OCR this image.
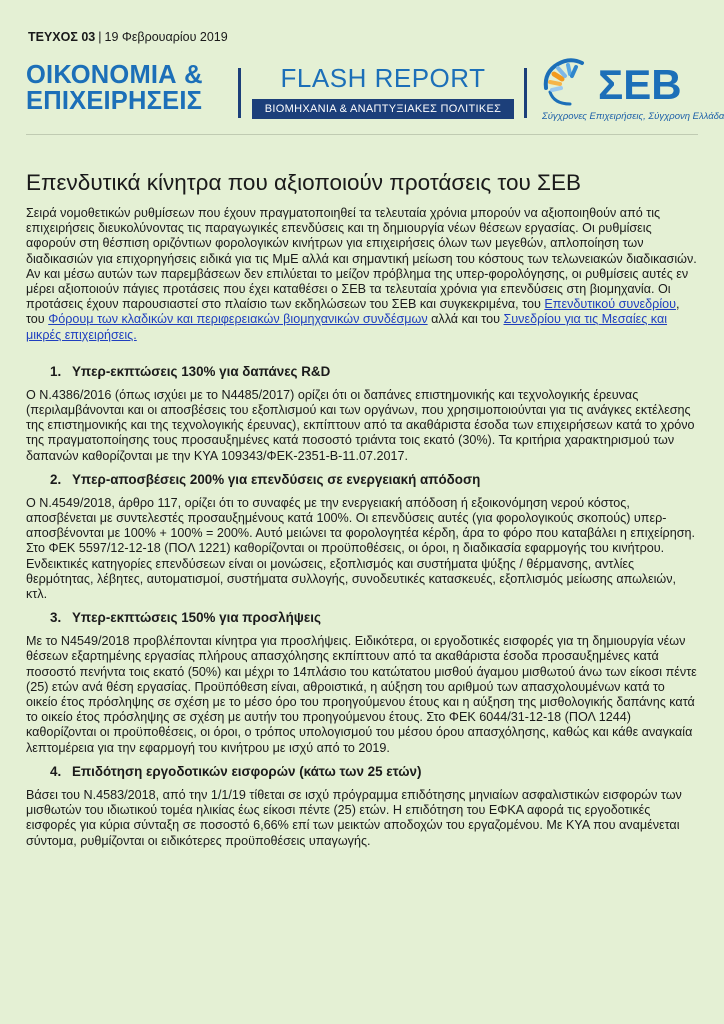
ΤΕΥΧΟΣ 03 | 19 Φεβρουαρίου 2019
ΟΙΚΟΝΟΜΙΑ &
ΕΠΙΧΕΙΡΗΣΕΙΣ
FLASH REPORT
ΒΙΟΜΗΧΑΝΙΑ & ΑΝΑΠΤΥΞΙΑΚΕΣ ΠΟΛΙΤΙΚΕΣ
ΣΕΒ
Σύγχρονες Επιχειρήσεις, Σύγχρονη Ελλάδα
Επενδυτικά κίνητρα που αξιοποιούν προτάσεις του ΣΕΒ

Σειρά νομοθετικών ρυθμίσεων που έχουν πραγματοποιηθεί τα τελευταία χρόνια μπορούν να αξιοποιηθούν από τις επιχειρήσεις διευκολύνοντας τις παραγωγικές επενδύσεις και τη δημιουργία νέων θέσεων εργασίας. Οι ρυθμίσεις αφορούν στη θέσπιση οριζόντιων φορολογικών κινήτρων για επιχειρήσεις όλων των μεγεθών, απλοποίηση των διαδικασιών για επιχορηγήσεις ειδικά για τις ΜμΕ αλλά και σημαντική μείωση του κόστους των τελωνειακών διαδικασιών. Αν και μέσω αυτών των παρεμβάσεων δεν επιλύεται το μείζον πρόβλημα της υπερ-φορολόγησης, οι ρυθμίσεις αυτές εν μέρει αξιοποιούν πάγιες προτάσεις που έχει καταθέσει ο ΣΕΒ τα τελευταία χρόνια για επενδύσεις στη βιομηχανία. Οι προτάσεις έχουν παρουσιαστεί στο πλαίσιο των εκδηλώσεων του ΣΕΒ και συγκεκριμένα, του Επενδυτικού συνεδρίου, του Φόρουμ των κλαδικών και περιφερειακών βιομηχανικών συνδέσμων αλλά και του Συνεδρίου για τις Μεσαίες και μικρές επιχειρήσεις.

1. Υπερ-εκπτώσεις 130% για δαπάνες R&D

Ο Ν.4386/2016 (όπως ισχύει με το Ν4485/2017) ορίζει ότι οι δαπάνες επιστημονικής και τεχνολογικής έρευνας (περιλαμβάνονται και οι αποσβέσεις του εξοπλισμού και των οργάνων, που χρησιμοποιούνται για τις ανάγκες εκτέλεσης της επιστημονικής και της τεχνολογικής έρευνας), εκπίπτουν από τα ακαθάριστα έσοδα των επιχειρήσεων κατά το χρόνο της πραγματοποίησης τους προσαυξημένες κατά ποσοστό τριάντα τοις εκατό (30%). Τα κριτήρια χαρακτηρισμού των δαπανών καθορίζονται με την ΚΥΑ 109343/ΦΕΚ-2351-Β-11.07.2017.

2. Υπερ-αποσβέσεις 200% για επενδύσεις σε ενεργειακή απόδοση

Ο Ν.4549/2018, άρθρο 117, ορίζει ότι το συναφές με την ενεργειακή απόδοση ή εξοικονόμηση νερού κόστος, αποσβένεται με συντελεστές προσαυξημένους κατά 100%. Οι επενδύσεις αυτές (για φορολογικούς σκοπούς) υπερ-αποσβένονται με 100% + 100% = 200%. Αυτό μειώνει τα φορολογητέα κέρδη, άρα το φόρο που καταβάλει η επιχείρηση. Στο ΦΕΚ 5597/12-12-18 (ΠΟΛ 1221) καθορίζονται οι προϋποθέσεις, οι όροι, η διαδικασία εφαρμογής του κινήτρου. Ενδεικτικές κατηγορίες επενδύσεων είναι οι μονώσεις, εξοπλισμός και συστήματα ψύξης / θέρμανσης, αντλίες θερμότητας, λέβητες, αυτοματισμοί, συστήματα συλλογής, συνοδευτικές κατασκευές, εξοπλισμός μείωσης απωλειών, κτλ.

3. Υπερ-εκπτώσεις 150% για προσλήψεις

Με το Ν4549/2018 προβλέπονται κίνητρα για προσλήψεις. Ειδικότερα, οι εργοδοτικές εισφορές για τη δημιουργία νέων θέσεων εξαρτημένης εργασίας πλήρους απασχόλησης εκπίπτουν από τα ακαθάριστα έσοδα προσαυξημένες κατά ποσοστό πενήντα τοις εκατό (50%) και μέχρι το 14πλάσιο του κατώτατου μισθού άγαμου μισθωτού άνω των είκοσι πέντε (25) ετών ανά θέση εργασίας. Προϋπόθεση είναι, αθροιστικά, η αύξηση του αριθμού των απασχολουμένων κατά το οικείο έτος πρόσληψης σε σχέση με το μέσο όρο του προηγούμενου έτους και η αύξηση της μισθολογικής δαπάνης κατά το οικείο έτος πρόσληψης σε σχέση με αυτήν του προηγούμενου έτους. Στο ΦΕΚ 6044/31-12-18 (ΠΟΛ 1244) καθορίζονται οι προϋποθέσεις, οι όροι, ο τρόπος υπολογισμού του μέσου όρου απασχόλησης, καθώς και κάθε αναγκαία λεπτομέρεια για την εφαρμογή του κινήτρου με ισχύ από το 2019.

4. Επιδότηση εργοδοτικών εισφορών (κάτω των 25 ετών)

Βάσει του Ν.4583/2018, από την 1/1/19 τίθεται σε ισχύ πρόγραμμα επιδότησης μηνιαίων ασφαλιστικών εισφορών των μισθωτών του ιδιωτικού τομέα ηλικίας έως είκοσι πέντε (25) ετών. Η επιδότηση του ΕΦΚΑ αφορά τις εργοδοτικές εισφορές για κύρια σύνταξη σε ποσοστό 6,66% επί των μεικτών αποδοχών του εργαζομένου. Με ΚΥΑ που αναμένεται σύντομα, ρυθμίζονται οι ειδικότερες προϋποθέσεις υπαγωγής.
